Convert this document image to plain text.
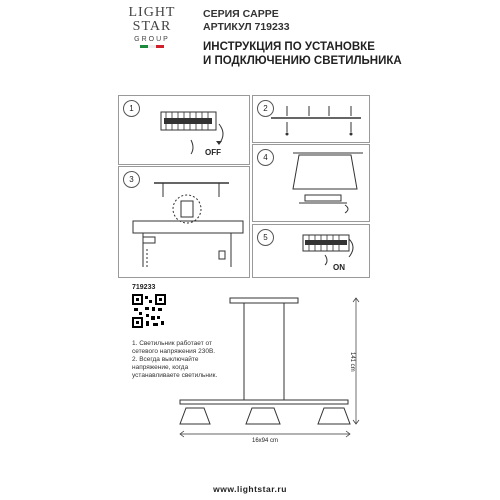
LIGHT
STAR
GROUP
СЕРИЯ CAPPE
АРТИКУЛ 719233
ИНСТРУКЦИЯ ПО УСТАНОВКЕ
И ПОДКЛЮЧЕНИЮ СВЕТИЛЬНИКА
1
OFF
2
3
4
5
ON
719233
1. Светильник работает от сетевого напряжения 230В.
2. Всегда выключайте напряжение, когда устанавливаете светильник.
141 cm
16x94 cm
www.lightstar.ru
